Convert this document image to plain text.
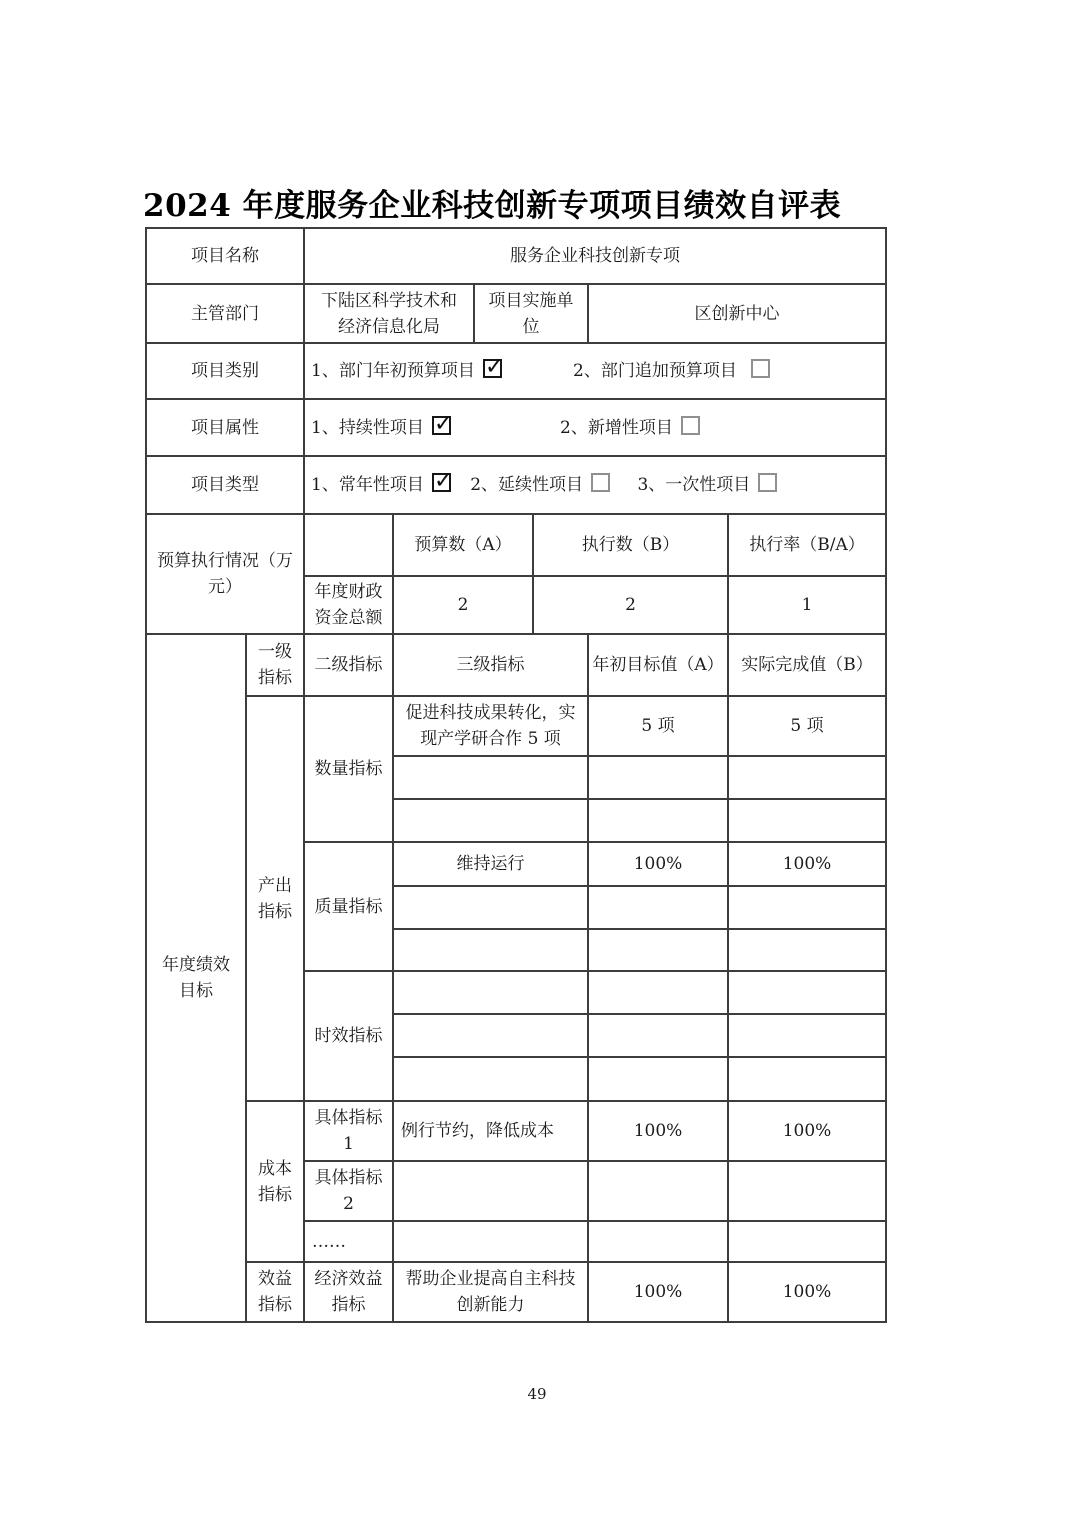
2024 年度服务企业科技创新专项项目绩效自评表
项目名称		服务企业科技创新专项					
主管部门		下陆区科学技术和经济信息化局		项目实施单位		区创新中心	
项目类别		1、部门年初预算项目 ✓ 2、部门追加预算项目					

项目属性		1、持续性项目 ✓ 2、新增性项目					

项目类型		1、常年性项目 ✓ 2、延续性项目 3、一次性项目					
预算执行情况（万元）			预算数（A）		执行数（B）		执行率（B/A）
		年度财政资金总额	2		2		1
年度绩效目标	一级指标	二级指标	三级指标			年初目标值（A）	实际完成值（B）
	产出指标	数量指标	促进科技成果转化，实现产学研合作 5 项			5 项	5 项

		质量指标	维持运行			100%	100%

		时效指标					

	成本指标	具体指标1	例行节约，降低成本			100%	100%
		具体指标2					
		……					
	效益指标	经济效益指标	帮助企业提高自主科技创新能力			100%	100%
49
